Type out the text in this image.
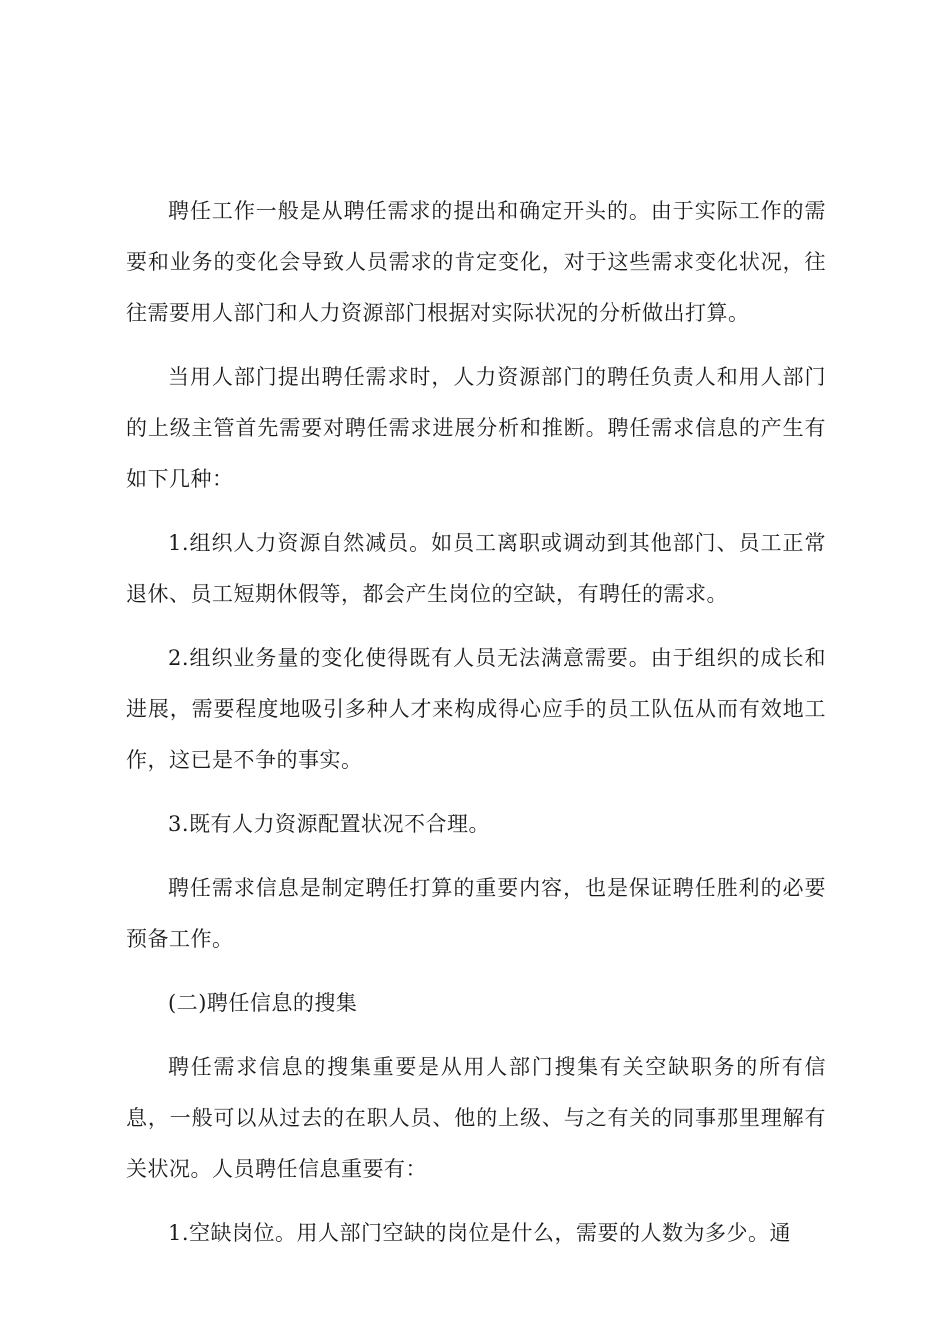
聘任工作一般是从聘任需求的提出和确定开头的。由于实际工作的需要和业务的变化会导致人员需求的肯定变化，对于这些需求变化状况，往往需要用人部门和人力资源部门根据对实际状况的分析做出打算。

当用人部门提出聘任需求时，人力资源部门的聘任负责人和用人部门的上级主管首先需要对聘任需求进展分析和推断。聘任需求信息的产生有如下几种：

1.组织人力资源自然减员。如员工离职或调动到其他部门、员工正常退休、员工短期休假等，都会产生岗位的空缺，有聘任的需求。

2.组织业务量的变化使得既有人员无法满意需要。由于组织的成长和进展，需要程度地吸引多种人才来构成得心应手的员工队伍从而有效地工作，这已是不争的事实。

3.既有人力资源配置状况不合理。

聘任需求信息是制定聘任打算的重要内容，也是保证聘任胜利的必要预备工作。

(二)聘任信息的搜集

聘任需求信息的搜集重要是从用人部门搜集有关空缺职务的所有信息，一般可以从过去的在职人员、他的上级、与之有关的同事那里理解有关状况。人员聘任信息重要有：

1.空缺岗位。用人部门空缺的岗位是什么，需要的人数为多少。通
